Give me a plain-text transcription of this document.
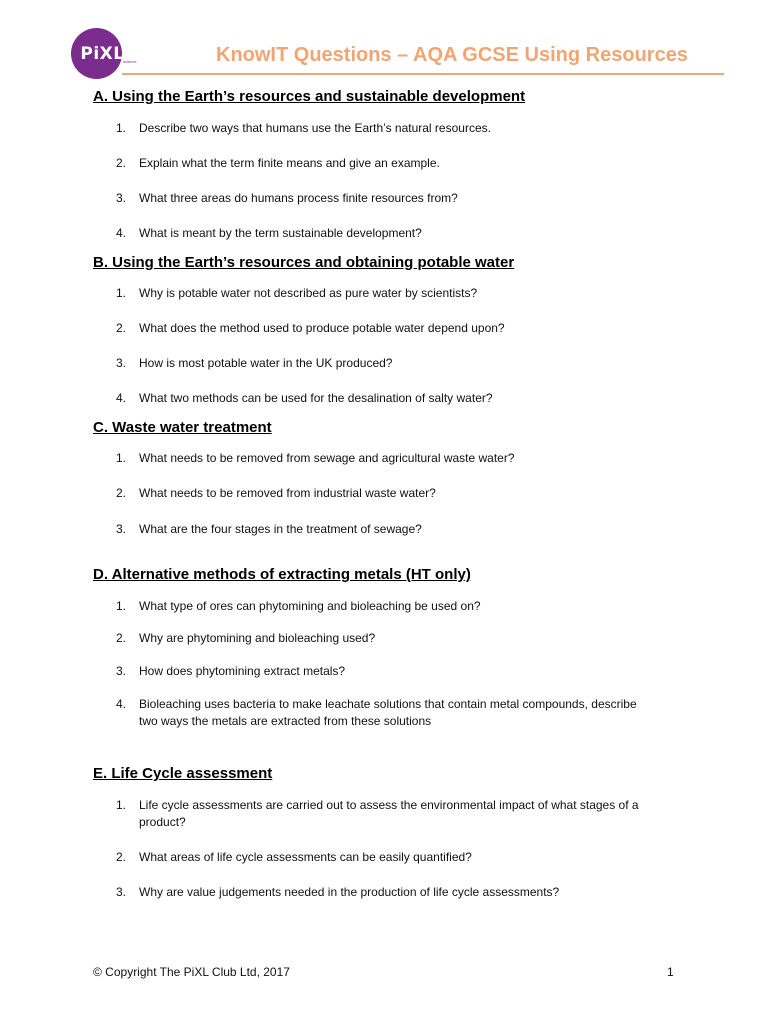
PiXL
science	KnowIT Questions – AQA GCSE Using Resources
A. Using the Earth’s resources and sustainable development
1.	Describe two ways that humans use the Earth’s natural resources.
2.	Explain what the term finite means and give an example.
3.	What three areas do humans process finite resources from?
4.	What is meant by the term sustainable development?
B. Using the Earth’s resources and obtaining potable water
1.	Why is potable water not described as pure water by scientists?
2.	What does the method used to produce potable water depend upon?
3.	How is most potable water in the UK produced?
4.	What two methods can be used for the desalination of salty water?
C. Waste water treatment
1.	What needs to be removed from sewage and agricultural waste water?
2.	What needs to be removed from industrial waste water?
3.	What are the four stages in the treatment of sewage?
D. Alternative methods of extracting metals (HT only)
1.	What type of ores can phytomining and bioleaching be used on?
2.	Why are phytomining and bioleaching used?
3.	How does phytomining extract metals?
4.	Bioleaching uses bacteria to make leachate solutions that contain metal compounds, describe two ways the metals are extracted from these solutions
E. Life Cycle assessment
1.	Life cycle assessments are carried out to assess the environmental impact of what stages of a product?
2.	What areas of life cycle assessments can be easily quantified?
3.	Why are value judgements needed in the production of life cycle assessments?
© Copyright The PiXL Club Ltd, 2017	1
